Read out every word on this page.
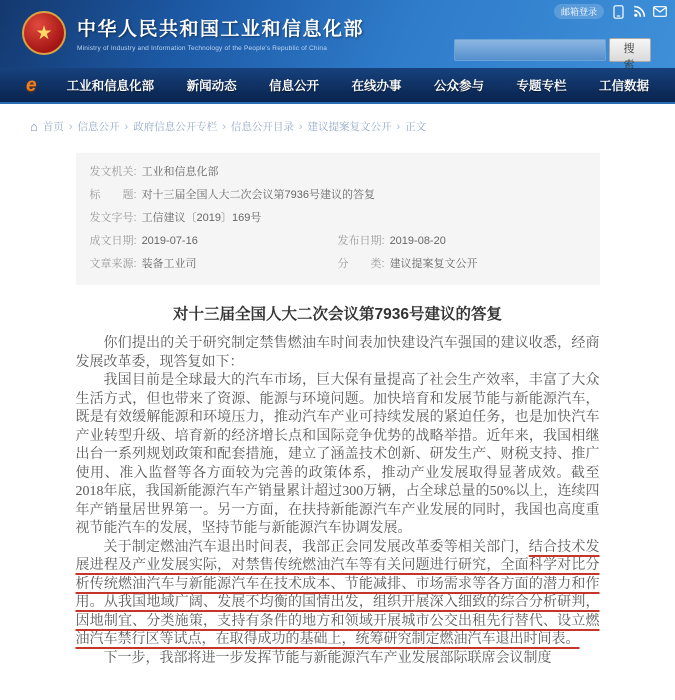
邮箱登录
★ 中华人民共和国工业和信息化部
Ministry of Industry and Information Technology of the People's Republic of China	搜 索
e 工业和信息化部	新闻动态	信息公开	在线办事	公众参与	专题专栏	工信数据
⌂ 首页 › 信息公开 › 政府信息公开专栏 › 信息公开目录 › 建议提案复文公开 › 正文
发文机关: 工业和信息化部
标　　题: 对十三届全国人大二次会议第7936号建议的答复
发文字号: 工信建议〔2019〕169号
成文日期: 2019-07-16	发布日期: 2019-08-20
文章来源: 装备工业司	分　　类: 建议提案复文公开
对十三届全国人大二次会议第7936号建议的答复

你们提出的关于研究制定禁售燃油车时间表加快建设汽车强国的建议收悉，经商发展改革委，现答复如下：

我国目前是全球最大的汽车市场，巨大保有量提高了社会生产效率，丰富了大众生活方式，但也带来了资源、能源与环境问题。加快培育和发展节能与新能源汽车，既是有效缓解能源和环境压力，推动汽车产业可持续发展的紧迫任务，也是加快汽车产业转型升级、培育新的经济增长点和国际竞争优势的战略举措。近年来，我国相继出台一系列规划政策和配套措施，建立了涵盖技术创新、研发生产、财税支持、推广使用、准入监督等各方面较为完善的政策体系，推动产业发展取得显著成效。截至2018年底，我国新能源汽车产销量累计超过300万辆，占全球总量的50%以上，连续四年产销量居世界第一。另一方面，在扶持新能源汽车产业发展的同时，我国也高度重视节能汽车的发展，坚持节能与新能源汽车协调发展。

关于制定燃油汽车退出时间表，我部正会同发展改革委等相关部门，结合技术发展进程及产业发展实际，对禁售传统燃油汽车等有关问题进行研究，全面科学对比分析传统燃油汽车与新能源汽车在技术成本、节能减排、市场需求等各方面的潜力和作用。从我国地域广阔、发展不均衡的国情出发，组织开展深入细致的综合分析研判，因地制宜、分类施策，支持有条件的地方和领域开展城市公交出租先行替代、设立燃油汽车禁行区等试点，在取得成功的基础上，统筹研究制定燃油汽车退出时间表。

下一步，我部将进一步发挥节能与新能源汽车产业发展部际联席会议制度
